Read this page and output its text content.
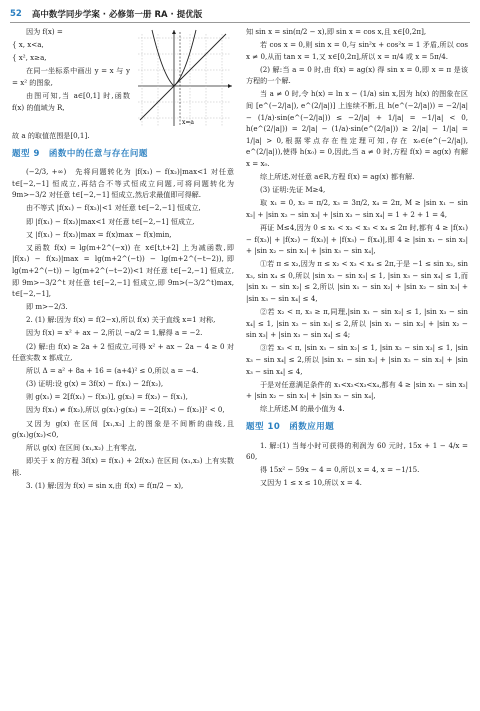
52 高中数学同步学案 · 必修第一册 RA · 提优版

因为 f(x) =

{ x, x<a,

{ x², x≥a,

在同一坐标系中画出 y = x 与 y = x² 的图象,

由图可知,当 a∈[0,1] 时,函数 f(x) 的值域为 R,

x=a

故 a 的取值范围是[0,1].

题型 9　函数中的任意与存在问题

(−2/3, +∞)　先将问题转化为 |f(x₁) − f(x₂)|max<1 对任意 t∈[−2,−1] 恒成立,再结合不等式恒成立问题,可将问题转化为 9m>−3/2 对任意 t∈[−2,−1] 恒成立,然后求最值即可得解.

由不等式 |f(x₁) − f(x₂)|<1 对任意 t∈[−2,−1] 恒成立,

即 |f(x₁) − f(x₂)|max<1 对任意 t∈[−2,−1] 恒成立,

又 |f(x₁) − f(x₂)|max = f(x)max − f(x)min,

又函数 f(x) = lg(m+2^(−x)) 在 x∈[t,t+2] 上为减函数,即 |f(x₁) − f(x₂)|max = lg(m+2^(−t)) − lg(m+2^(−t−2)),即 lg(m+2^(−t)) − lg(m+2^(−t−2))<1 对任意 t∈[−2,−1] 恒成立,即 9m>−3/2^t 对任意 t∈[−2,−1] 恒成立,即 9m>(−3/2^t)max, t∈[−2,−1],

即 m>−2/3.

2. (1) 解:因为 f(x) = f(2−x),所以 f(x) 关于直线 x=1 对称,

因为 f(x) = x² + ax − 2,所以 −a/2 = 1,解得 a = −2.

(2) 解:由 f(x) ≥ 2a + 2 恒成立,可得 x² + ax − 2a − 4 ≥ 0 对任意实数 x 都成立,

所以 Δ = a² + 8a + 16 = (a+4)² ≤ 0,所以 a = −4.

(3) 证明:设 g(x) = 3f(x) − f(x₁) − 2f(x₂),

则 g(x₁) = 2[f(x₁) − f(x₂)], g(x₂) = f(x₂) − f(x₁),

因为 f(x₁) ≠ f(x₂),所以 g(x₁)·g(x₂) = −2[f(x₁) − f(x₂)]² < 0,

又因为 g(x) 在区间 [x₁,x₂] 上的图象是不间断的曲线,且 g(x₁)g(x₂)<0,

所以 g(x) 在区间 (x₁,x₂) 上有零点,

即关于 x 的方程 3f(x) = f(x₁) + 2f(x₂) 在区间 (x₁,x₂) 上有实数根.

3. (1) 解:因为 f(x) = sin x,由 f(x) = f(π/2 − x),

知 sin x = sin(π/2 − x),即 sin x = cos x,且 x∈[0,2π],

若 cos x = 0,则 sin x = 0,与 sin²x + cos²x = 1 矛盾,所以 cos x ≠ 0,从而 tan x = 1,又 x∈[0,2π],所以 x = π/4 或 x = 5π/4.

(2) 解:当 a = 0 时,由 f(x) = ag(x) 得 sin x = 0,即 x = π 是该方程的一个解.

当 a ≠ 0 时,令 h(x) = ln x − (1/a) sin x,因为 h(x) 的图象在区间 [e^(−2/|a|), e^(2/|a|)] 上连续不断,且 h(e^(−2/|a|)) = −2/|a| − (1/a)·sin(e^(−2/|a|)) ≤ −2/|a| + 1/|a| = −1/|a| < 0, h(e^(2/|a|)) = 2/|a| − (1/a)·sin(e^(2/|a|)) ≥ 2/|a| − 1/|a| = 1/|a| > 0,根据零点存在性定理可知,存在 x₀∈(e^(−2/|a|), e^(2/|a|)),使得 h(x₀) = 0,因此,当 a ≠ 0 时,方程 f(x) = ag(x) 有解 x = x₀.

综上所述,对任意 a∈R,方程 f(x) = ag(x) 都有解.

(3) 证明:先证 M≥4,

取 x₁ = 0, x₂ = π/2, x₃ = 3π/2, x₄ = 2π, M ≥ |sin x₁ − sin x₂| + |sin x₂ − sin x₃| + |sin x₃ − sin x₄| = 1 + 2 + 1 = 4,

再证 M≤4,因为 0 ≤ x₁ < x₂ < x₃ < x₄ ≤ 2π 时,都有 4 ≥ |f(x₁) − f(x₂)| + |f(x₂) − f(x₃)| + |f(x₃) − f(x₄)|,即 4 ≥ |sin x₁ − sin x₂| + |sin x₂ − sin x₃| + |sin x₃ − sin x₄|,

①若 π ≤ x₂,因为 π ≤ x₂ < x₃ < x₄ ≤ 2π,于是 −1 ≤ sin x₂, sin x₃, sin x₄ ≤ 0,所以 |sin x₂ − sin x₃| ≤ 1, |sin x₃ − sin x₄| ≤ 1,而 |sin x₁ − sin x₂| ≤ 2,所以 |sin x₁ − sin x₂| + |sin x₂ − sin x₃| + |sin x₃ − sin x₄| ≤ 4,

②若 x₂ < π, x₃ ≥ π,同理,|sin x₁ − sin x₂| ≤ 1, |sin x₃ − sin x₄| ≤ 1, |sin x₂ − sin x₃| ≤ 2,所以 |sin x₁ − sin x₂| + |sin x₂ − sin x₃| + |sin x₃ − sin x₄| ≤ 4;

③若 x₃ < π, |sin x₁ − sin x₂| ≤ 1, |sin x₂ − sin x₃| ≤ 1, |sin x₃ − sin x₄| ≤ 2,所以 |sin x₁ − sin x₂| + |sin x₂ − sin x₃| + |sin x₃ − sin x₄| ≤ 4,

于是对任意满足条件的 x₁<x₂<x₃<x₄,都有 4 ≥ |sin x₁ − sin x₂| + |sin x₂ − sin x₃| + |sin x₃ − sin x₄|,

综上所述,M 的最小值为 4.

题型 10　函数应用题

1. 解:(1) 当每小时可获得的利润为 60 元时, 15x + 1 − 4/x = 60,

得 15x² − 59x − 4 = 0,所以 x = 4, x = −1/15.

又因为 1 ≤ x ≤ 10,所以 x = 4.
